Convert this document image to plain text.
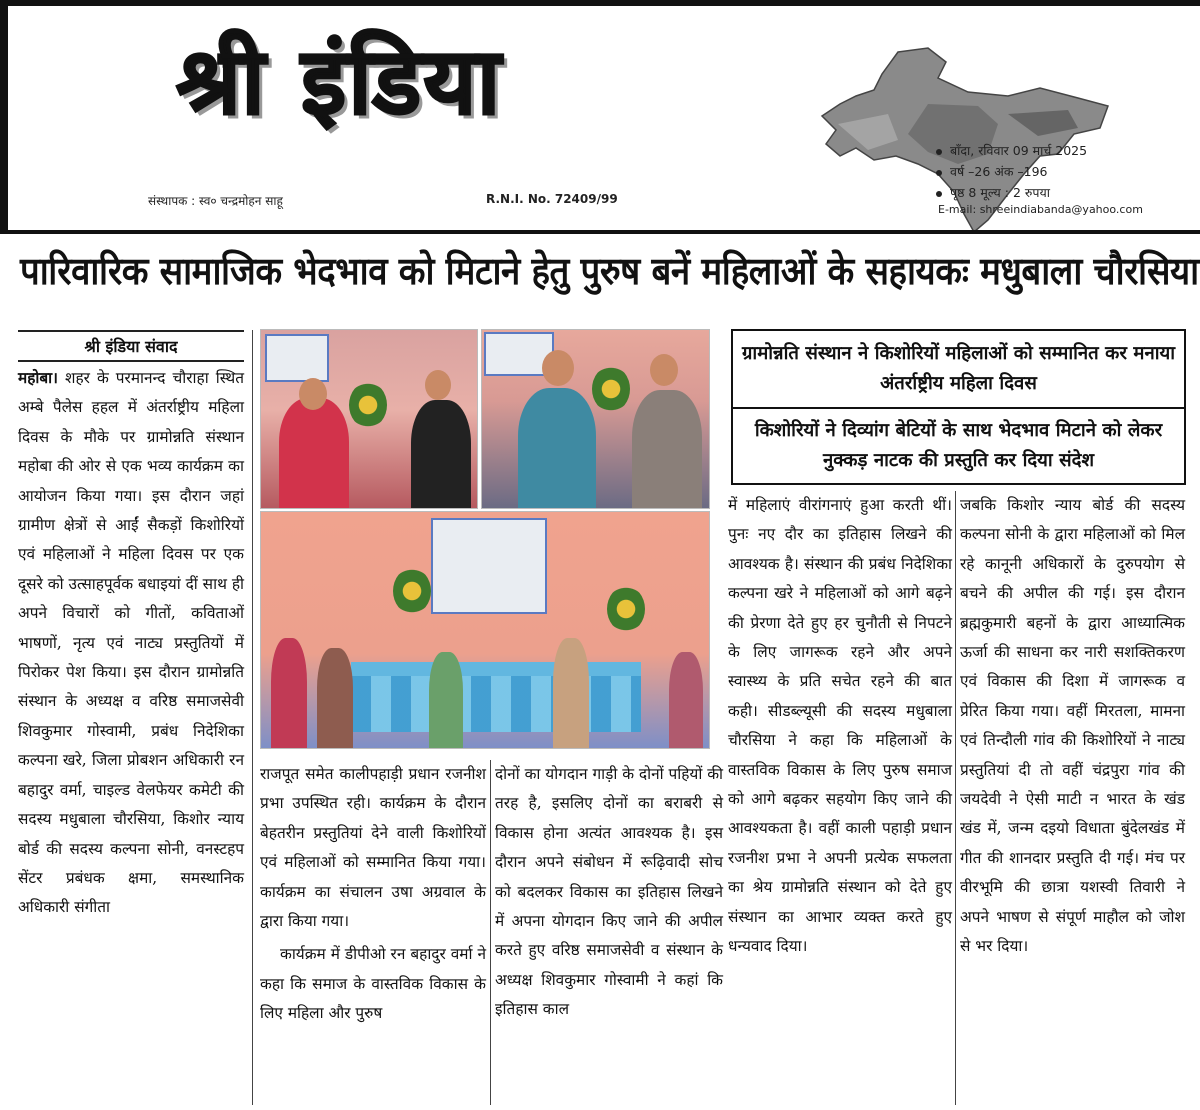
श्री इंडिया
संस्थापक : स्व० चन्द्रमोहन साहू	R.N.I. No. 72409/99
बाँदा, रविवार 09 मार्च 2025
वर्ष –26 अंक –196
पृष्ठ 8 मूल्य : 2 रुपया
E-mail: shreeindiabanda@yahoo.com
पारिवारिक सामाजिक भेदभाव को मिटाने हेतु पुरुष बनें महिलाओं के सहायकः मधुबाला चौरसिया
श्री इंडिया संवाद

महोबा। शहर के परमानन्द चौराहा स्थित अम्बे पैलेस हहल में अंतर्राष्ट्रीय महिला दिवस के मौके पर ग्रामोन्नति संस्थान महोबा की ओर से एक भव्य कार्यक्रम का आयोजन किया गया। इस दौरान जहां ग्रामीण क्षेत्रों से आईं सैकड़ों किशोरियों एवं महिलाओं ने महिला दिवस पर एक दूसरे को उत्साहपूर्वक बधाइयां दीं साथ ही अपने विचारों को गीतों, कविताओं भाषणों, नृत्य एवं नाट्य प्रस्तुतियों में पिरोकर पेश किया। इस दौरान ग्रामोन्नति संस्थान के अध्यक्ष व वरिष्ठ समाजसेवी शिवकुमार गोस्वामी, प्रबंध निदेशिका कल्पना खरे, जिला प्रोबशन अधिकारी रन बहादुर वर्मा, चाइल्ड वेलफेयर कमेटी की सदस्य मधुबाला चौरसिया, किशोर न्याय बोर्ड की सदस्य कल्पना सोनी, वनस्टहप सेंटर प्रबंधक क्षमा, समस्थानिक अधिकारी संगीता

ग्रामोन्नति संस्थान ने किशोरियों महिलाओं को सम्मानित कर मनाया अंतर्राष्ट्रीय महिला दिवस
किशोरियों ने दिव्यांग बेटियों के साथ भेदभाव मिटाने को लेकर नुक्कड़ नाटक की प्रस्तुति कर दिया संदेश

राजपूत समेत कालीपहाड़ी प्रधान रजनीश प्रभा उपस्थित रही। कार्यक्रम के दौरान बेहतरीन प्रस्तुतियां देने वाली किशोरियों एवं महिलाओं को सम्मानित किया गया। कार्यक्रम का संचालन उषा अग्रवाल के द्वारा किया गया।

कार्यक्रम में डीपीओ रन बहादुर वर्मा ने कहा कि समाज के वास्तविक विकास के लिए महिला और पुरुष

दोनों का योगदान गाड़ी के दोनों पहियों की तरह है, इसलिए दोनों का बराबरी से विकास होना अत्यंत आवश्यक है। इस दौरान अपने संबोधन में रूढ़िवादी सोच को बदलकर विकास का इतिहास लिखने में अपना योगदान किए जाने की अपील करते हुए वरिष्ठ समाजसेवी व संस्थान के अध्यक्ष शिवकुमार गोस्वामी ने कहां कि इतिहास काल

में महिलाएं वीरांगनाएं हुआ करती थीं। पुनः नए दौर का इतिहास लिखने की आवश्यक है। संस्थान की प्रबंध निदेशिका कल्पना खरे ने महिलाओं को आगे बढ़ने की प्रेरणा देते हुए हर चुनौती से निपटने के लिए जागरूक रहने और अपने स्वास्थ्य के प्रति सचेत रहने की बात कही। सीडब्ल्यूसी की सदस्य मधुबाला चौरसिया ने कहा कि महिलाओं के वास्तविक विकास के लिए पुरुष समाज को आगे बढ़कर सहयोग किए जाने की आवश्यकता है। वहीं काली पहाड़ी प्रधान रजनीश प्रभा ने अपनी प्रत्येक सफलता का श्रेय ग्रामोन्नति संस्थान को देते हुए संस्थान का आभार व्यक्त करते हुए धन्यवाद दिया।

जबकि किशोर न्याय बोर्ड की सदस्य कल्पना सोनी के द्वारा महिलाओं को मिल रहे कानूनी अधिकारों के दुरुपयोग से बचने की अपील की गई। इस दौरान ब्रह्मकुमारी बहनों के द्वारा आध्यात्मिक ऊर्जा की साधना कर नारी सशक्तिकरण एवं विकास की दिशा में जागरूक व प्रेरित किया गया। वहीं मिरतला, मामना एवं तिन्दौली गांव की किशोरियों ने नाट्य प्रस्तुतियां दी तो वहीं चंद्रपुरा गांव की जयदेवी ने ऐसी माटी न भारत के खंड खंड में, जन्म दइयो विधाता बुंदेलखंड में गीत की शानदार प्रस्तुति दी गई। मंच पर वीरभूमि की छात्रा यशस्वी तिवारी ने अपने भाषण से संपूर्ण माहौल को जोश से भर दिया।
